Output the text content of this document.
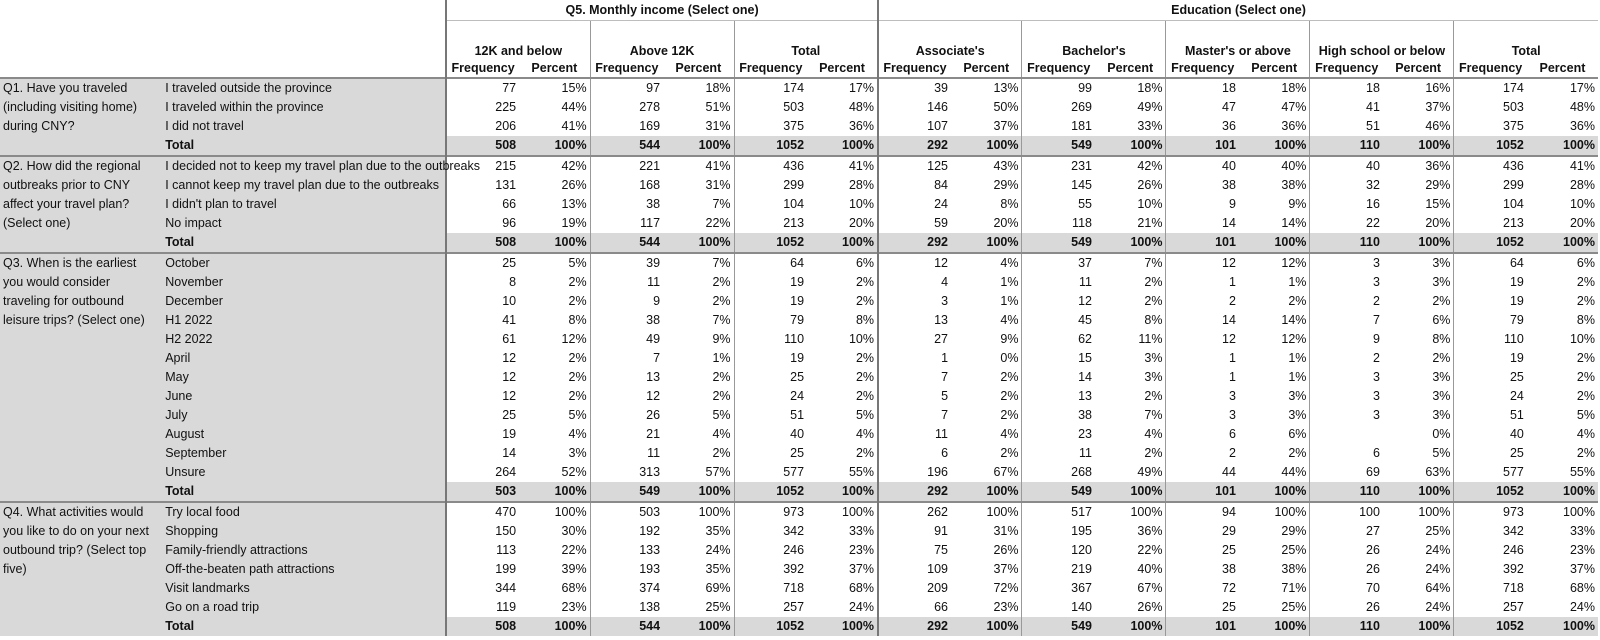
		Q5. Monthly income (Select one)						Education (Select one)									
		12K and below		Above 12K		Total		Associate's		Bachelor's		Master's or above		High school or below		Total	
		Frequency	Percent	Frequency	Percent	Frequency	Percent	Frequency	Percent	Frequency	Percent	Frequency	Percent	Frequency	Percent	Frequency	Percent
Q1. Have you traveled (including visiting home) during CNY?	I traveled outside the province	77	15%	97	18%	174	17%	39	13%	99	18%	18	18%	18	16%	174	17%
	I traveled within the province	225	44%	278	51%	503	48%	146	50%	269	49%	47	47%	41	37%	503	48%
	I did not travel	206	41%	169	31%	375	36%	107	37%	181	33%	36	36%	51	46%	375	36%
	Total	508	100%	544	100%	1052	100%	292	100%	549	100%	101	100%	110	100%	1052	100%
Q2. How did the regional outbreaks prior to CNY affect your travel plan? (Select one)	I decided not to keep my travel plan due to the outbreaks	215	42%	221	41%	436	41%	125	43%	231	42%	40	40%	40	36%	436	41%
	I cannot keep my travel plan due to the outbreaks	131	26%	168	31%	299	28%	84	29%	145	26%	38	38%	32	29%	299	28%
	I didn't plan to travel	66	13%	38	7%	104	10%	24	8%	55	10%	9	9%	16	15%	104	10%
	No impact	96	19%	117	22%	213	20%	59	20%	118	21%	14	14%	22	20%	213	20%
	Total	508	100%	544	100%	1052	100%	292	100%	549	100%	101	100%	110	100%	1052	100%
Q3. When is the earliest you would consider traveling for outbound leisure trips? (Select one)	October	25	5%	39	7%	64	6%	12	4%	37	7%	12	12%	3	3%	64	6%
	November	8	2%	11	2%	19	2%	4	1%	11	2%	1	1%	3	3%	19	2%
	December	10	2%	9	2%	19	2%	3	1%	12	2%	2	2%	2	2%	19	2%
	H1 2022	41	8%	38	7%	79	8%	13	4%	45	8%	14	14%	7	6%	79	8%
	H2 2022	61	12%	49	9%	110	10%	27	9%	62	11%	12	12%	9	8%	110	10%
	April	12	2%	7	1%	19	2%	1	0%	15	3%	1	1%	2	2%	19	2%
	May	12	2%	13	2%	25	2%	7	2%	14	3%	1	1%	3	3%	25	2%
	June	12	2%	12	2%	24	2%	5	2%	13	2%	3	3%	3	3%	24	2%
	July	25	5%	26	5%	51	5%	7	2%	38	7%	3	3%	3	3%	51	5%
	August	19	4%	21	4%	40	4%	11	4%	23	4%	6	6%		0%	40	4%
	September	14	3%	11	2%	25	2%	6	2%	11	2%	2	2%	6	5%	25	2%
	Unsure	264	52%	313	57%	577	55%	196	67%	268	49%	44	44%	69	63%	577	55%
	Total	503	100%	549	100%	1052	100%	292	100%	549	100%	101	100%	110	100%	1052	100%
Q4. What activities would you like to do on your next outbound trip? (Select top five)	Try local food	470	100%	503	100%	973	100%	262	100%	517	100%	94	100%	100	100%	973	100%
	Shopping	150	30%	192	35%	342	33%	91	31%	195	36%	29	29%	27	25%	342	33%
	Family-friendly attractions	113	22%	133	24%	246	23%	75	26%	120	22%	25	25%	26	24%	246	23%
	Off-the-beaten path attractions	199	39%	193	35%	392	37%	109	37%	219	40%	38	38%	26	24%	392	37%
	Visit landmarks	344	68%	374	69%	718	68%	209	72%	367	67%	72	71%	70	64%	718	68%
	Go on a road trip	119	23%	138	25%	257	24%	66	23%	140	26%	25	25%	26	24%	257	24%
	Total	508	100%	544	100%	1052	100%	292	100%	549	100%	101	100%	110	100%	1052	100%
